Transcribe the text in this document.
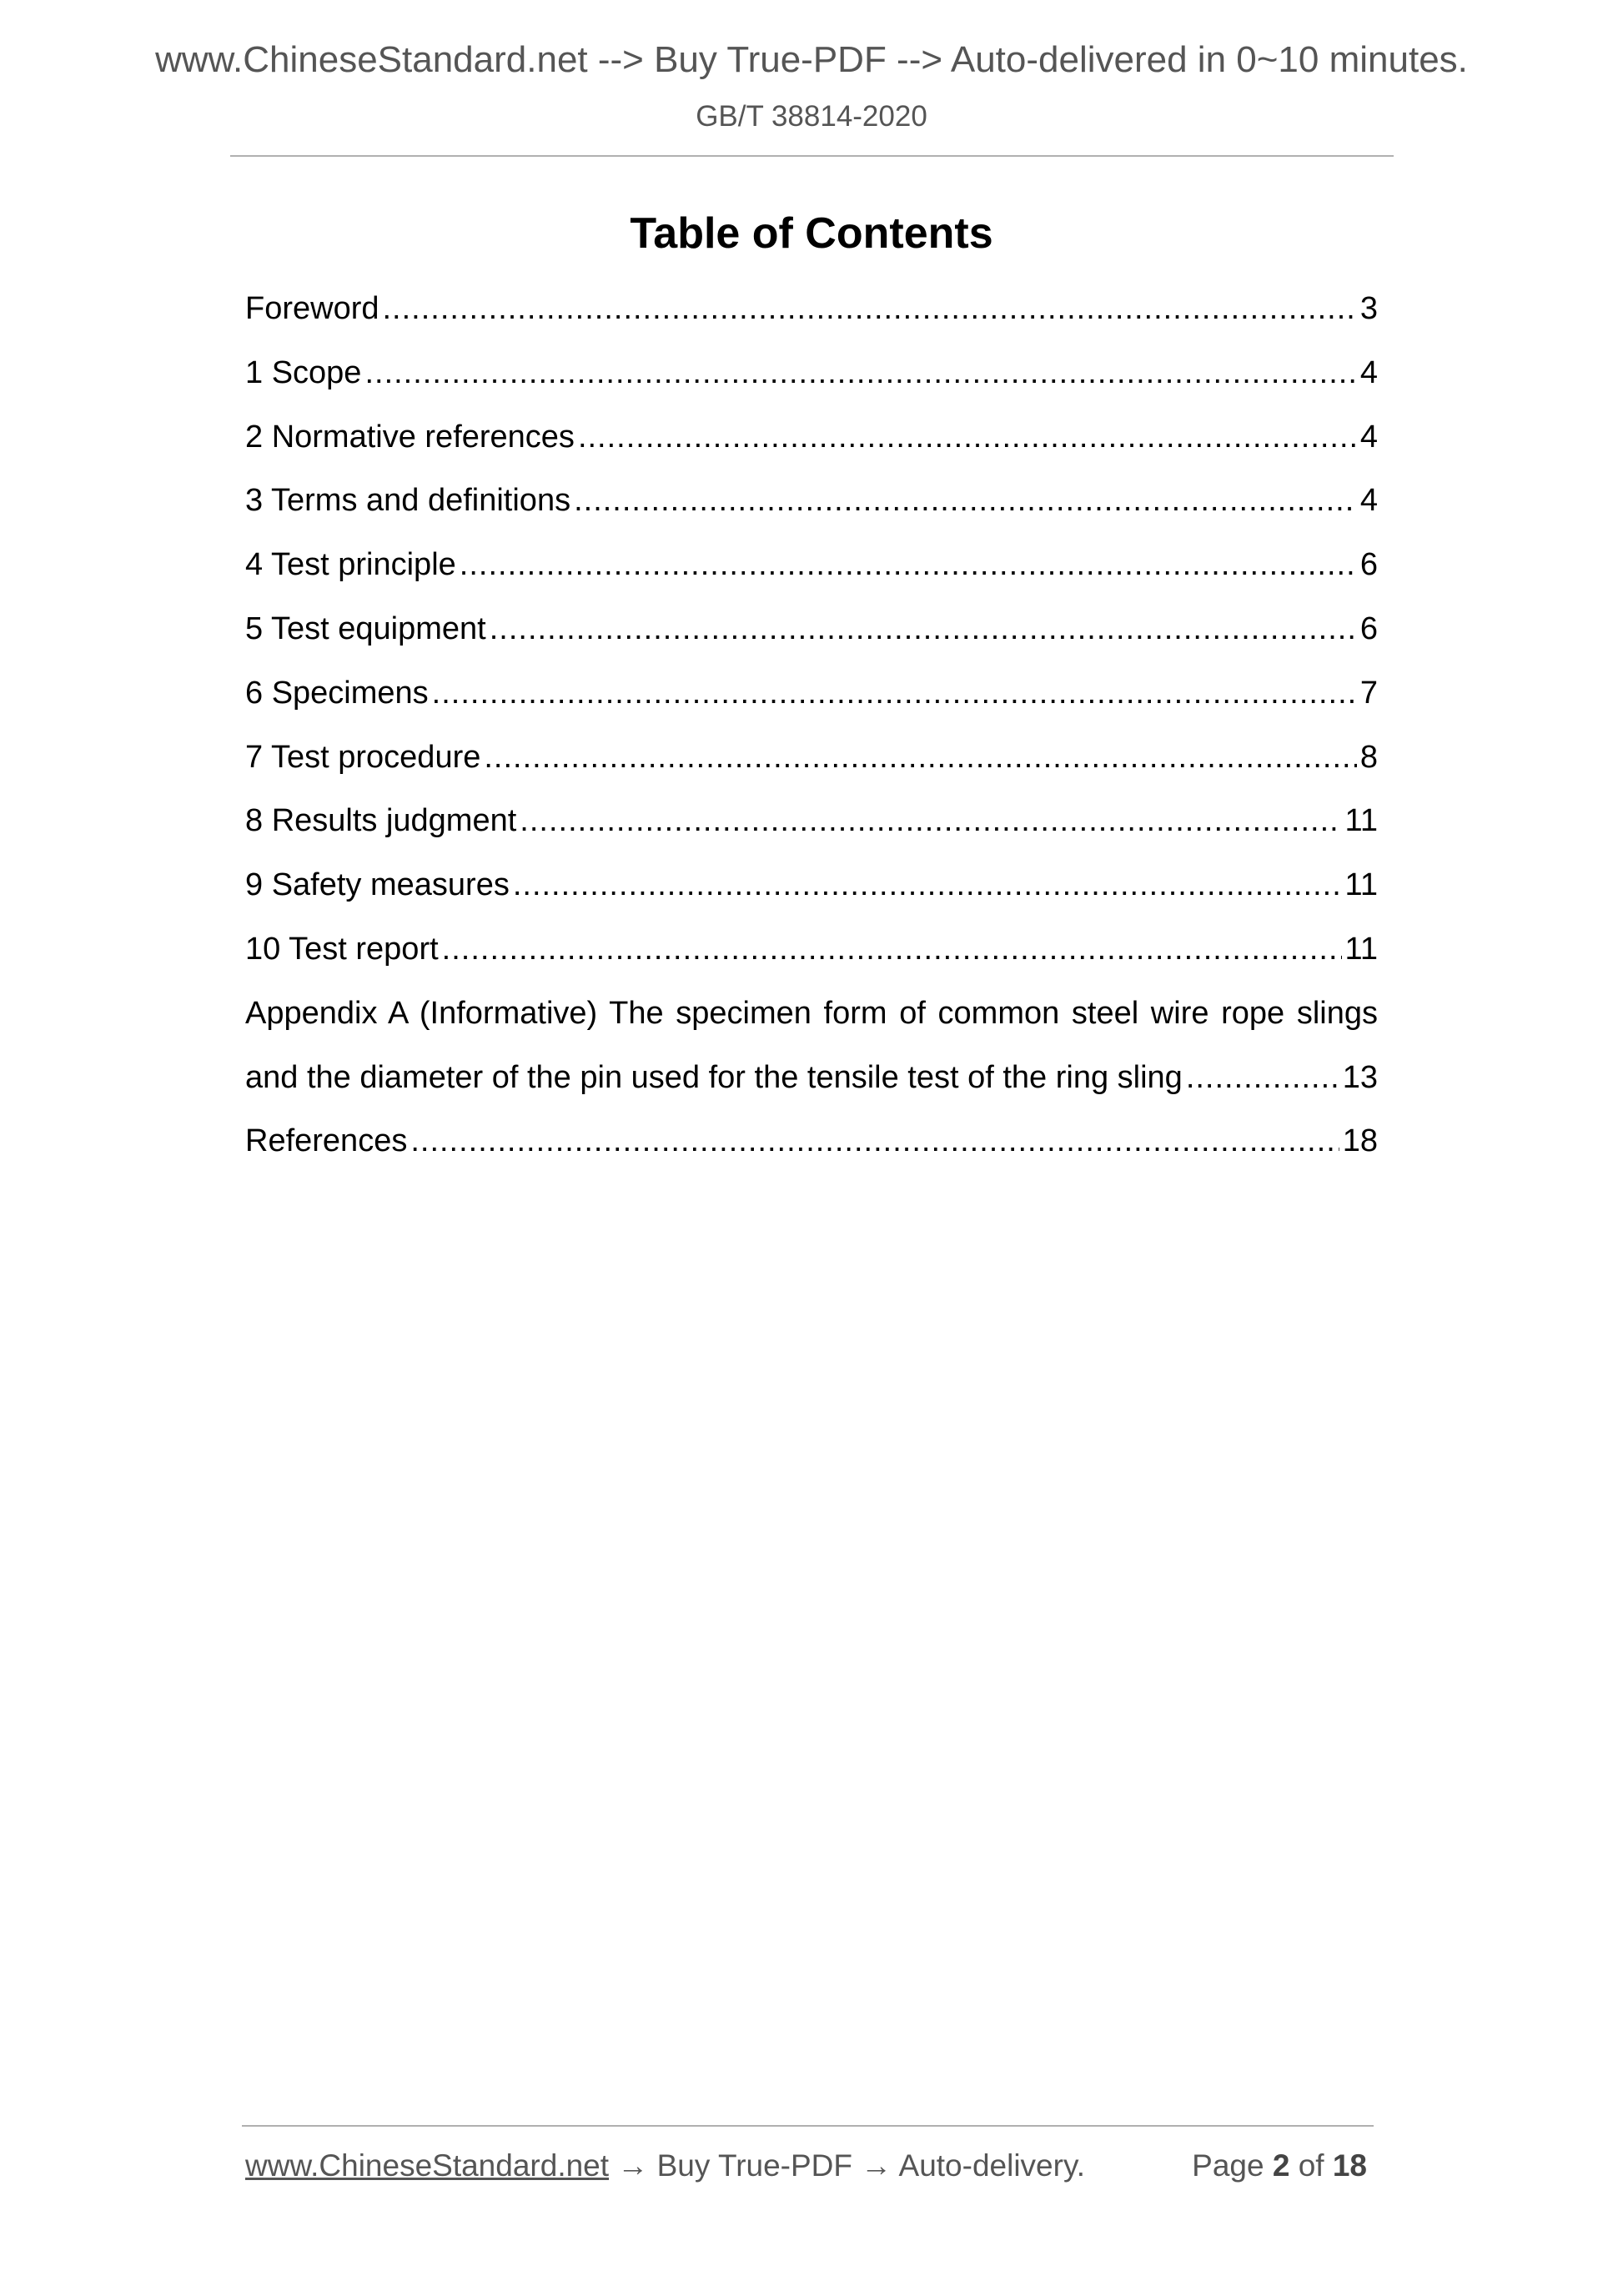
www.ChineseStandard.net --> Buy True-PDF --> Auto-delivered in 0~10 minutes.
GB/T 38814-2020
Table of Contents
Foreword .....	3
1 Scope .....	4
2 Normative references .....	4
3 Terms and definitions .....	4
4 Test principle .....	6
5 Test equipment .....	6
6 Specimens .....	7
7 Test procedure .....	8
8 Results judgment .....	11
9 Safety measures .....	11
10 Test report .....	11
Appendix A (Informative) The specimen form of common steel wire rope slings
and the diameter of the pin used for the tensile test of the ring sling .....	13
References .....	18
www.ChineseStandard.net → Buy True-PDF → Auto-delivery.	Page 2 of 18
